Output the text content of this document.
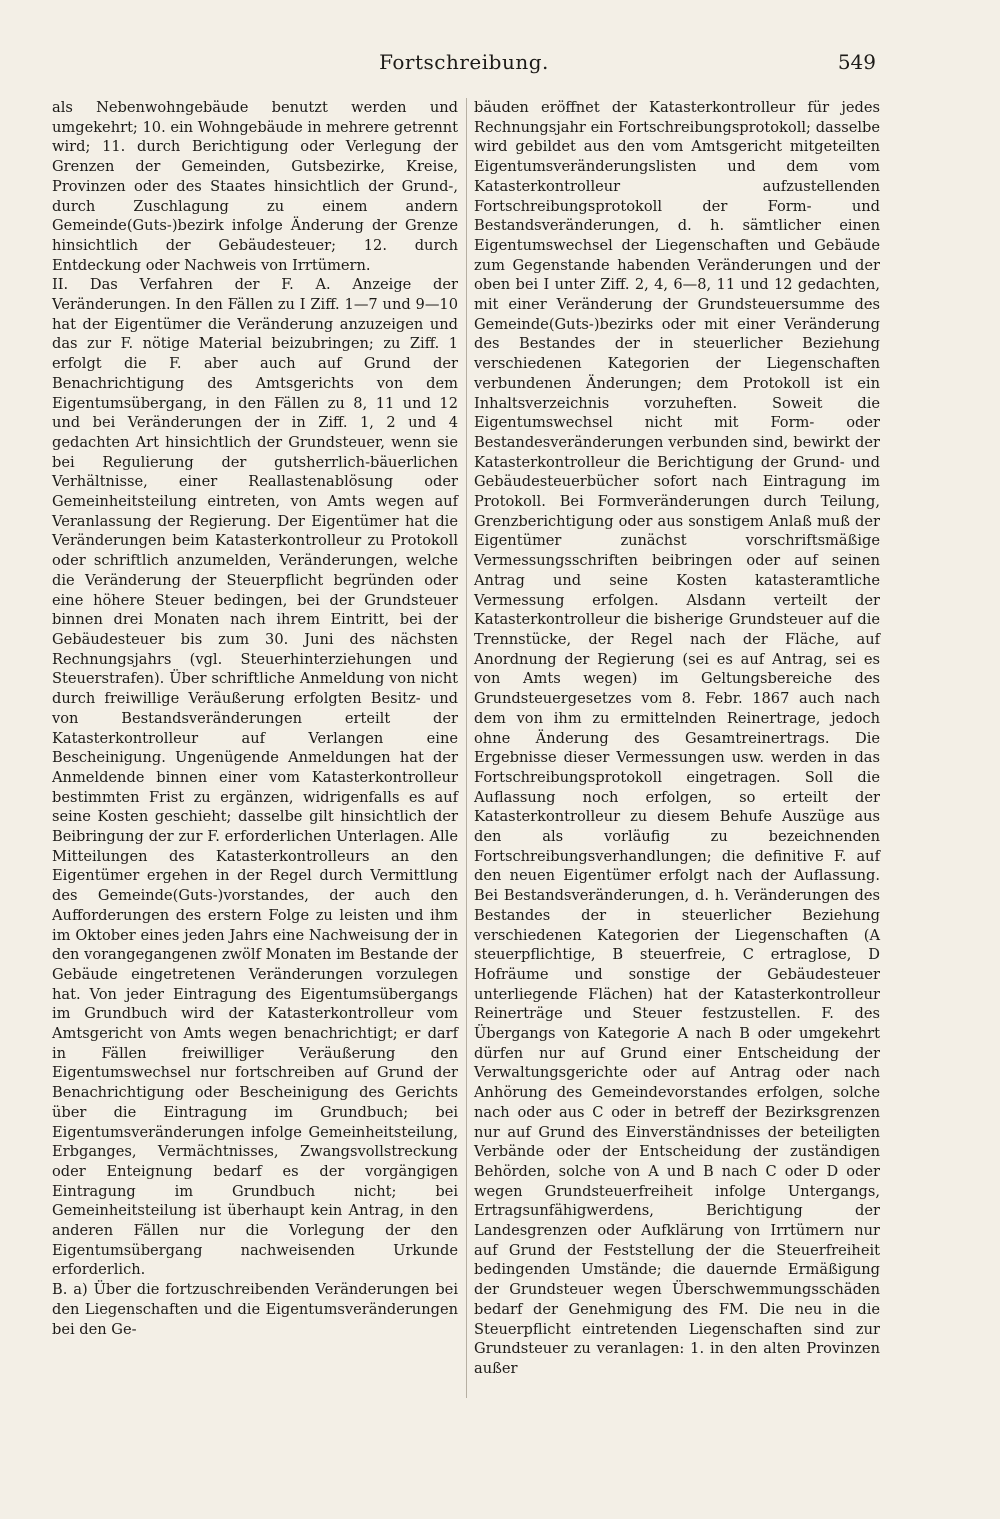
Fortschreibung.	549

als Nebenwohngebäude benutzt werden und umgekehrt; 10. ein Wohngebäude in mehrere getrennt wird; 11. durch Berichtigung oder Verlegung der Grenzen der Gemeinden, Gutsbezirke, Kreise, Provinzen oder des Staates hinsichtlich der Grund-, durch Zuschlagung zu einem andern Gemeinde(Guts-)bezirk infolge Änderung der Grenze hinsichtlich der Gebäudesteuer; 12. durch Entdeckung oder Nachweis von Irrtümern.

II. Das Verfahren der F. A. Anzeige der Veränderungen. In den Fällen zu I Ziff. 1—7 und 9—10 hat der Eigentümer die Veränderung anzuzeigen und das zur F. nötige Material beizubringen; zu Ziff. 1 erfolgt die F. aber auch auf Grund der Benachrichtigung des Amtsgerichts von dem Eigentumsübergang, in den Fällen zu 8, 11 und 12 und bei Veränderungen der in Ziff. 1, 2 und 4 gedachten Art hinsichtlich der Grundsteuer, wenn sie bei Regulierung der gutsherrlich-bäuerlichen Verhältnisse, einer Reallastenablösung oder Gemeinheitsteilung eintreten, von Amts wegen auf Veranlassung der Regierung. Der Eigentümer hat die Veränderungen beim Katasterkontrolleur zu Protokoll oder schriftlich anzumelden, Veränderungen, welche die Veränderung der Steuerpflicht begründen oder eine höhere Steuer bedingen, bei der Grundsteuer binnen drei Monaten nach ihrem Eintritt, bei der Gebäudesteuer bis zum 30. Juni des nächsten Rechnungsjahrs (vgl. Steuerhinterziehungen und Steuerstrafen). Über schriftliche Anmeldung von nicht durch freiwillige Veräußerung erfolgten Besitz- und von Bestandsveränderungen erteilt der Katasterkontrolleur auf Verlangen eine Bescheinigung. Ungenügende Anmeldungen hat der Anmeldende binnen einer vom Katasterkontrolleur bestimmten Frist zu ergänzen, widrigenfalls es auf seine Kosten geschieht; dasselbe gilt hinsichtlich der Beibringung der zur F. erforderlichen Unterlagen. Alle Mitteilungen des Katasterkontrolleurs an den Eigentümer ergehen in der Regel durch Vermittlung des Gemeinde(Guts-)vorstandes, der auch den Aufforderungen des erstern Folge zu leisten und ihm im Oktober eines jeden Jahrs eine Nachweisung der in den vorangegangenen zwölf Monaten im Bestande der Gebäude eingetretenen Veränderungen vorzulegen hat. Von jeder Eintragung des Eigentumsübergangs im Grundbuch wird der Katasterkontrolleur vom Amtsgericht von Amts wegen benachrichtigt; er darf in Fällen freiwilliger Veräußerung den Eigentumswechsel nur fortschreiben auf Grund der Benachrichtigung oder Bescheinigung des Gerichts über die Eintragung im Grundbuch; bei Eigentumsveränderungen infolge Gemeinheitsteilung, Erbganges, Vermächtnisses, Zwangsvollstreckung oder Enteignung bedarf es der vorgängigen Eintragung im Grundbuch nicht; bei Gemeinheitsteilung ist überhaupt kein Antrag, in den anderen Fällen nur die Vorlegung der den Eigentumsübergang nachweisenden Urkunde erforderlich.

B. a) Über die fortzuschreibenden Veränderungen bei den Liegenschaften und die Eigentumsveränderungen bei den Ge-

bäuden eröffnet der Katasterkontrolleur für jedes Rechnungsjahr ein Fortschreibungsprotokoll; dasselbe wird gebildet aus den vom Amtsgericht mitgeteilten Eigentumsveränderungslisten und dem vom Katasterkontrolleur aufzustellenden Fortschreibungsprotokoll der Form- und Bestandsveränderungen, d. h. sämtlicher einen Eigentumswechsel der Liegenschaften und Gebäude zum Gegenstande habenden Veränderungen und der oben bei I unter Ziff. 2, 4, 6—8, 11 und 12 gedachten, mit einer Veränderung der Grundsteuersumme des Gemeinde(Guts-)bezirks oder mit einer Veränderung des Bestandes der in steuerlicher Beziehung verschiedenen Kategorien der Liegenschaften verbundenen Änderungen; dem Protokoll ist ein Inhaltsverzeichnis vorzuheften. Soweit die Eigentumswechsel nicht mit Form- oder Bestandesveränderungen verbunden sind, bewirkt der Katasterkontrolleur die Berichtigung der Grund- und Gebäudesteuerbücher sofort nach Eintragung im Protokoll. Bei Formveränderungen durch Teilung, Grenzberichtigung oder aus sonstigem Anlaß muß der Eigentümer zunächst vorschriftsmäßige Vermessungsschriften beibringen oder auf seinen Antrag und seine Kosten katasteramtliche Vermessung erfolgen. Alsdann verteilt der Katasterkontrolleur die bisherige Grundsteuer auf die Trennstücke, der Regel nach der Fläche, auf Anordnung der Regierung (sei es auf Antrag, sei es von Amts wegen) im Geltungsbereiche des Grundsteuergesetzes vom 8. Febr. 1867 auch nach dem von ihm zu ermittelnden Reinertrage, jedoch ohne Änderung des Gesamtreinertrags. Die Ergebnisse dieser Vermessungen usw. werden in das Fortschreibungsprotokoll eingetragen. Soll die Auflassung noch erfolgen, so erteilt der Katasterkontrolleur zu diesem Behufe Auszüge aus den als vorläufig zu bezeichnenden Fortschreibungsverhandlungen; die definitive F. auf den neuen Eigentümer erfolgt nach der Auflassung. Bei Bestandsveränderungen, d. h. Veränderungen des Bestandes der in steuerlicher Beziehung verschiedenen Kategorien der Liegenschaften (A steuerpflichtige, B steuerfreie, C ertraglose, D Hofräume und sonstige der Gebäudesteuer unterliegende Flächen) hat der Katasterkontrolleur Reinerträge und Steuer festzustellen. F. des Übergangs von Kategorie A nach B oder umgekehrt dürfen nur auf Grund einer Entscheidung der Verwaltungsgerichte oder auf Antrag oder nach Anhörung des Gemeindevorstandes erfolgen, solche nach oder aus C oder in betreff der Bezirksgrenzen nur auf Grund des Einverständnisses der beteiligten Verbände oder der Entscheidung der zuständigen Behörden, solche von A und B nach C oder D oder wegen Grundsteuerfreiheit infolge Untergangs, Ertragsunfähigwerdens, Berichtigung der Landesgrenzen oder Aufklärung von Irrtümern nur auf Grund der Feststellung der die Steuerfreiheit bedingenden Umstände; die dauernde Ermäßigung der Grundsteuer wegen Überschwemmungsschäden bedarf der Genehmigung des FM. Die neu in die Steuerpflicht eintretenden Liegenschaften sind zur Grundsteuer zu veranlagen: 1. in den alten Provinzen außer
